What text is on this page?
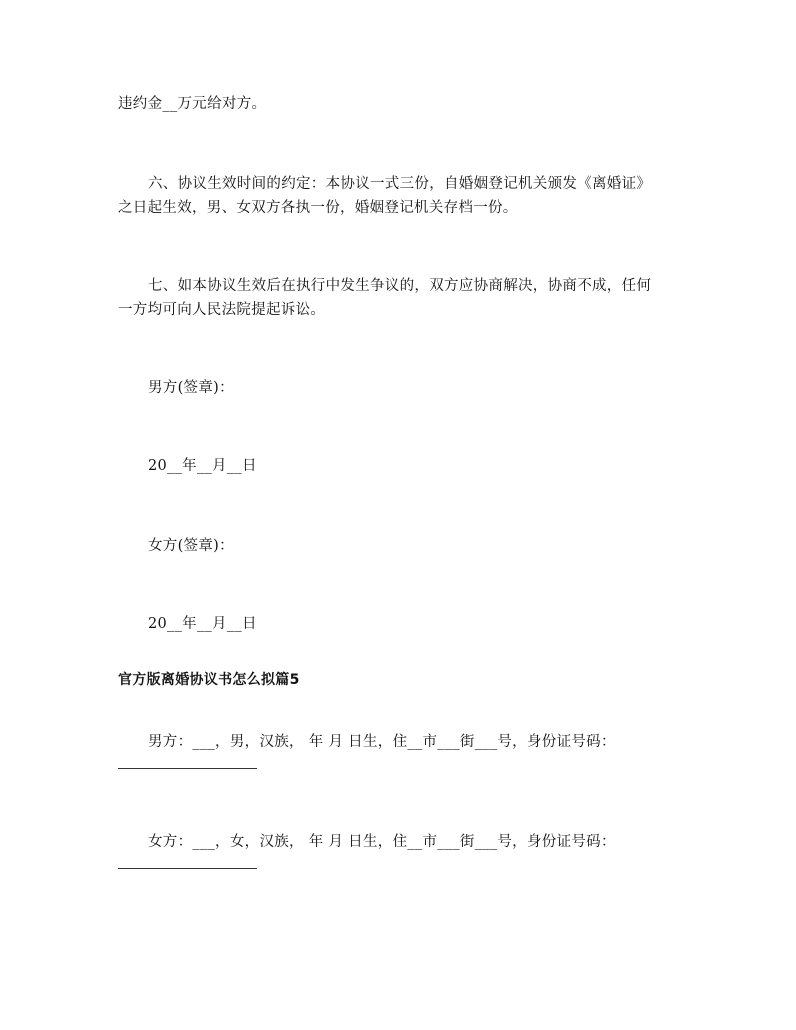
违约金__万元给对方。
六、协议生效时间的约定：本协议一式三份，自婚姻登记机关颁发《离婚证》
之日起生效，男、女双方各执一份，婚姻登记机关存档一份。
七、如本协议生效后在执行中发生争议的，双方应协商解决，协商不成，任何
一方均可向人民法院提起诉讼。
男方(签章)：
20__年__月__日
女方(签章)：
20__年__月__日
官方版离婚协议书怎么拟篇5
男方：___，男，汉族， 年 月 日生，住__市___街___号，身份证号码：
女方：___，女，汉族， 年 月 日生，住__市___街___号，身份证号码：
